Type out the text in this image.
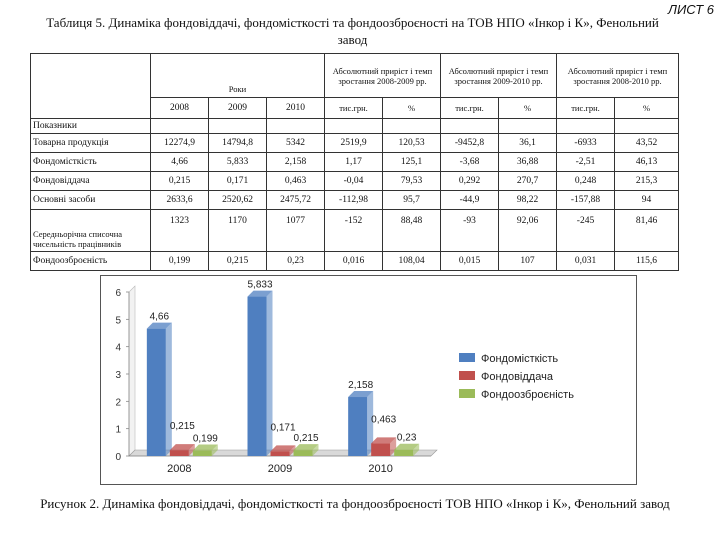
ЛИСТ 6
Таблиця 5. Динаміка фондовіддачі, фондомісткості та фондоозброєності на ТОВ НПО «Інкор і К», Фенольний завод
	Роки			Абсолютний приріст і темп зростання 2008-2009 рр.		Абсолютний приріст і темп зростання 2009-2010 рр.		Абсолютний приріст і темп зростання 2008-2010 рр.	
	2008	2009	2010	тис.грн.	%	тис.грн.	%	тис.грн.	%
Показники									
Товарна продукція	12274,9	14794,8	5342	2519,9	120,53	-9452,8	36,1	-6933	43,52
Фондомісткість	4,66	5,833	2,158	1,17	125,1	-3,68	36,88	-2,51	46,13
Фондовіддача	0,215	0,171	0,463	-0,04	79,53	0,292	270,7	0,248	215,3
Основні засоби	2633,6	2520,62	2475,72	-112,98	95,7	-44,9	98,22	-157,88	94
Середньорічна списочна чисельність працівників	1323	1170	1077	-152	88,48	-93	92,06	-245	81,46
Фондоозброєність	0,199	0,215	0,23	0,016	108,04	0,015	107	0,031	115,6
0
1
2
3
4
5
6
4,66
0,215
0,199
2008
5,833
0,171
0,215
2009
2,158
0,463
0,23
2010
Фондомісткість
Фондовіддача
Фондоозброєність
Рисунок 2. Динаміка фондовіддачі, фондомісткості та фондоозброєності ТОВ НПО «Інкор і К», Фенольний завод
